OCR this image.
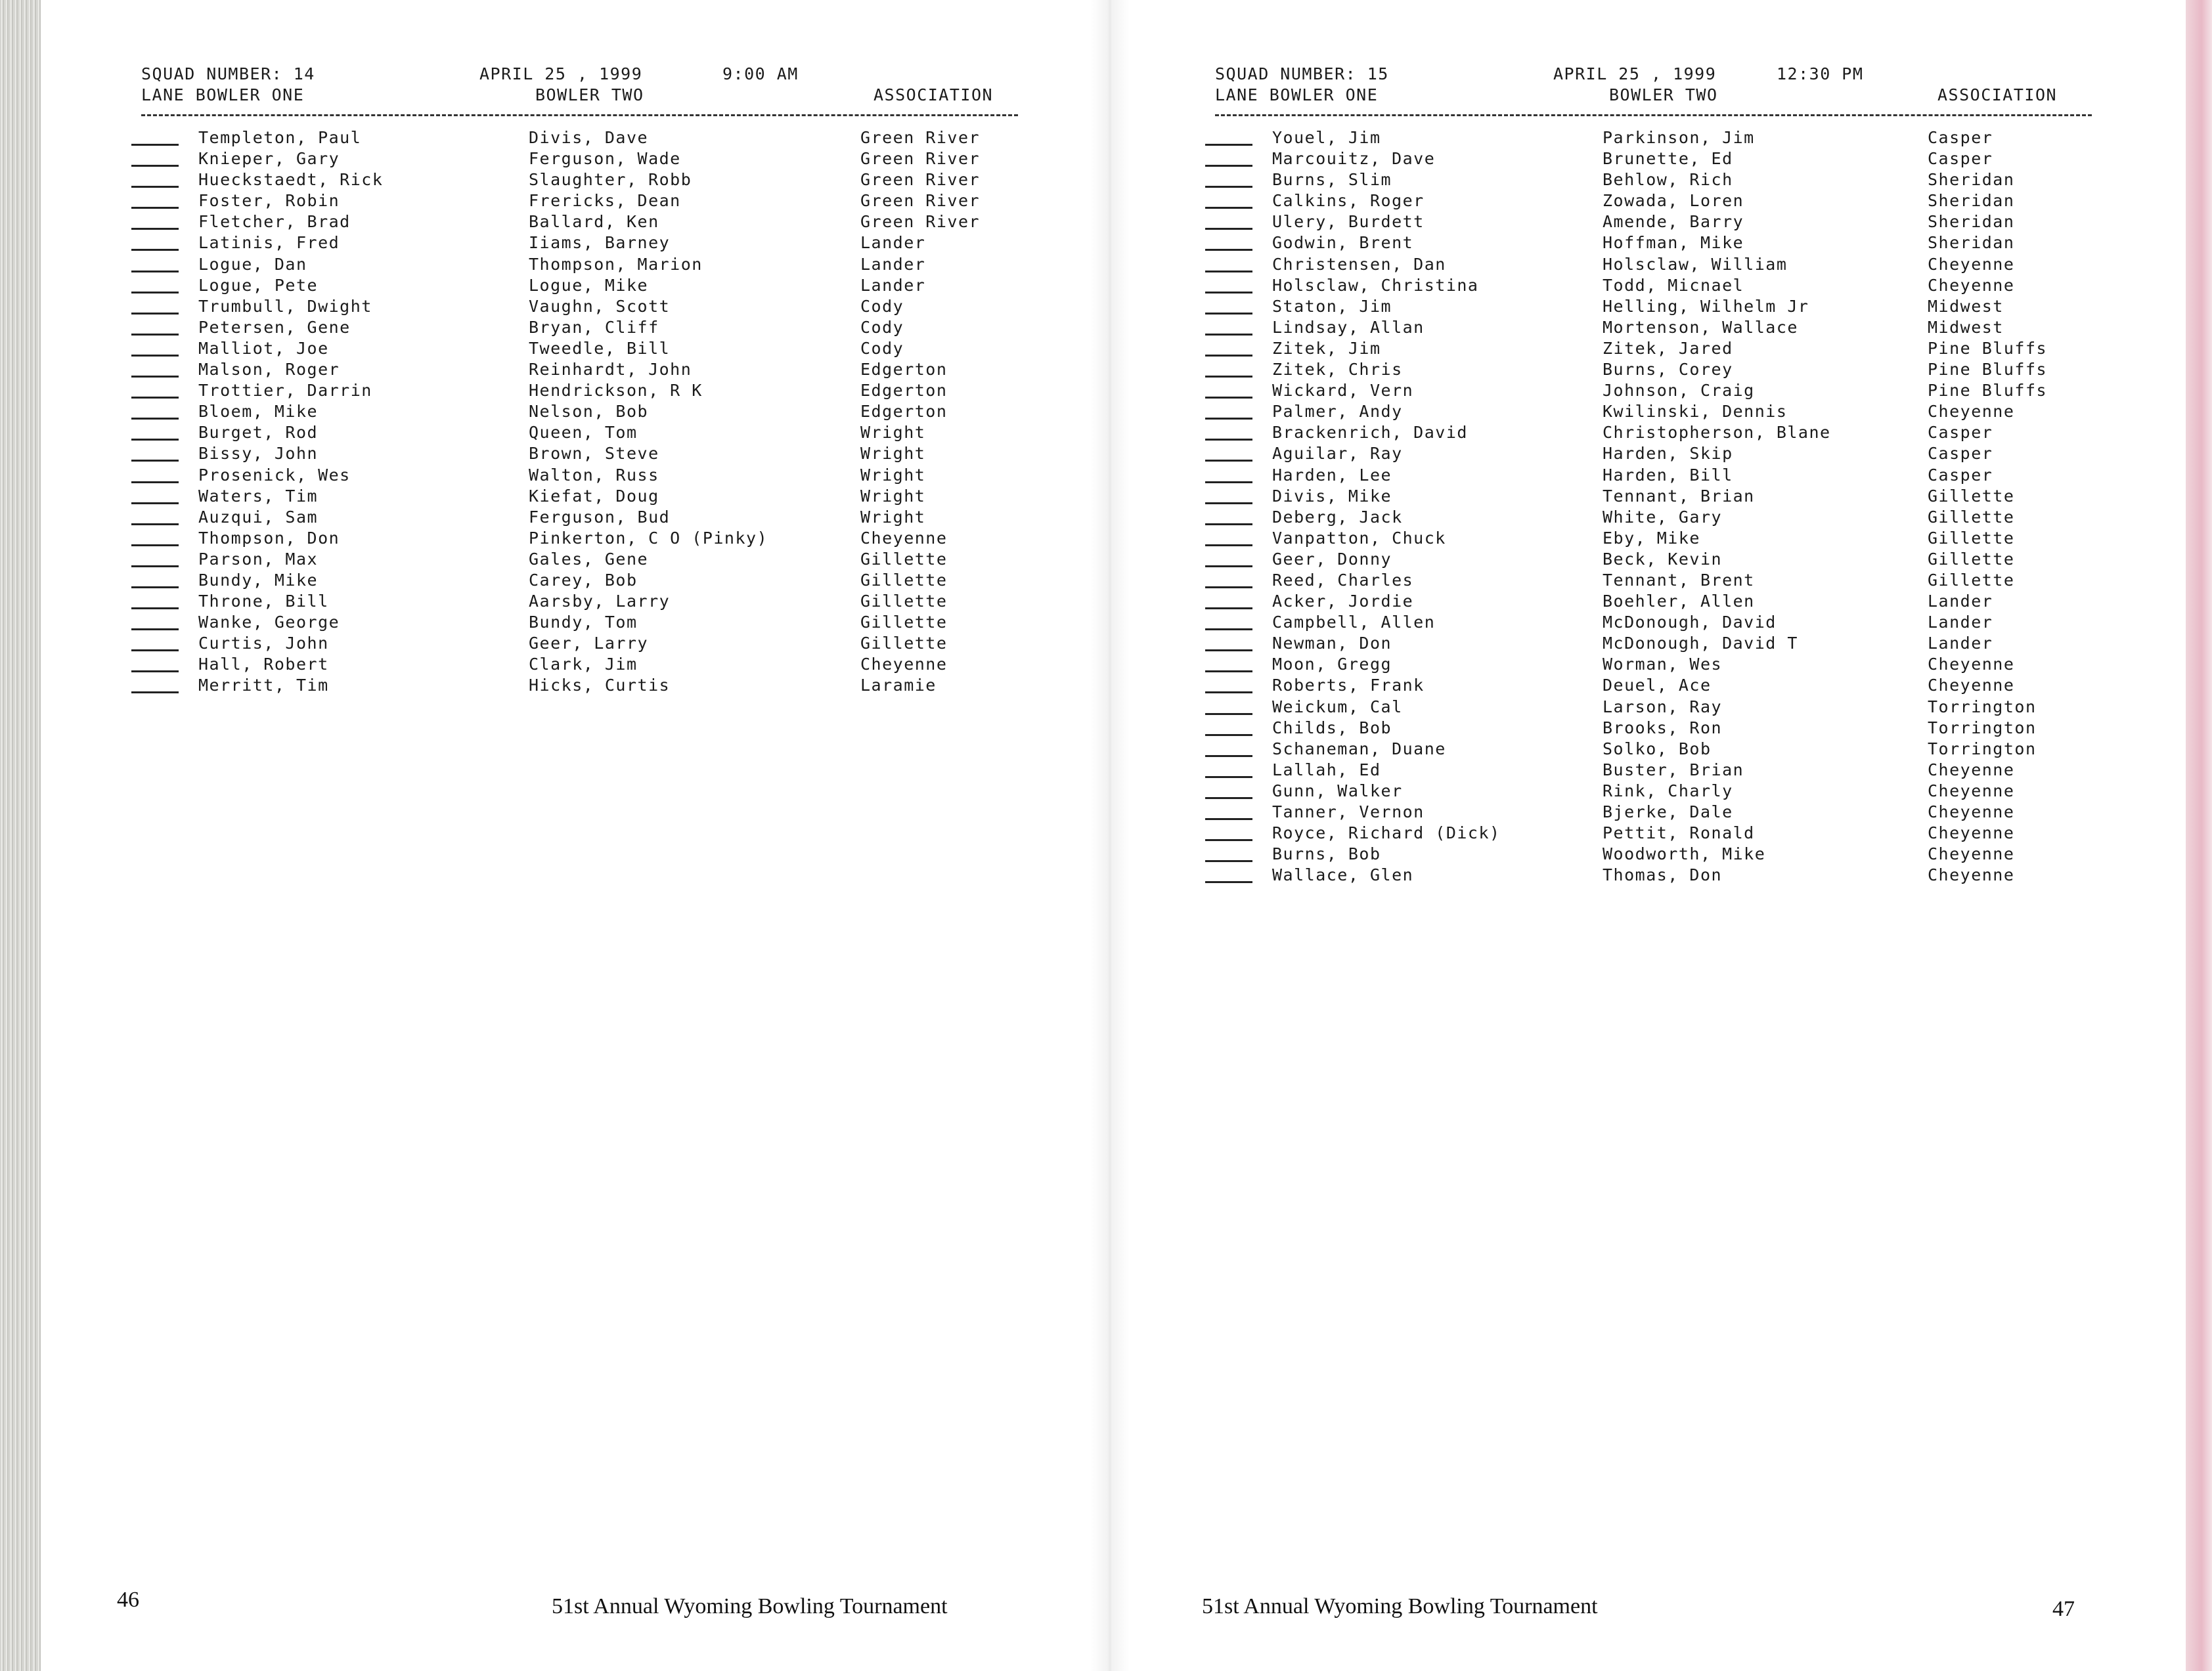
SQUAD NUMBER: 14	APRIL 25 , 1999	9:00 AM
LANE BOWLER ONE	BOWLER TWO	ASSOCIATION
Templeton, Paul	Divis, Dave	Green River
Knieper, Gary	Ferguson, Wade	Green River
Hueckstaedt, Rick	Slaughter, Robb	Green River
Foster, Robin	Frericks, Dean	Green River
Fletcher, Brad	Ballard, Ken	Green River
Latinis, Fred	Iiams, Barney	Lander
Logue, Dan	Thompson, Marion	Lander
Logue, Pete	Logue, Mike	Lander
Trumbull, Dwight	Vaughn, Scott	Cody
Petersen, Gene	Bryan, Cliff	Cody
Malliot, Joe	Tweedle, Bill	Cody
Malson, Roger	Reinhardt, John	Edgerton
Trottier, Darrin	Hendrickson, R K	Edgerton
Bloem, Mike	Nelson, Bob	Edgerton
Burget, Rod	Queen, Tom	Wright
Bissy, John	Brown, Steve	Wright
Prosenick, Wes	Walton, Russ	Wright
Waters, Tim	Kiefat, Doug	Wright
Auzqui, Sam	Ferguson, Bud	Wright
Thompson, Don	Pinkerton, C O (Pinky)	Cheyenne
Parson, Max	Gales, Gene	Gillette
Bundy, Mike	Carey, Bob	Gillette
Throne, Bill	Aarsby, Larry	Gillette
Wanke, George	Bundy, Tom	Gillette
Curtis, John	Geer, Larry	Gillette
Hall, Robert	Clark, Jim	Cheyenne
Merritt, Tim	Hicks, Curtis	Laramie
46	51st Annual Wyoming Bowling Tournament
SQUAD NUMBER: 15	APRIL 25 , 1999	12:30 PM
LANE BOWLER ONE	BOWLER TWO	ASSOCIATION
Youel, Jim	Parkinson, Jim	Casper
Marcouitz, Dave	Brunette, Ed	Casper
Burns, Slim	Behlow, Rich	Sheridan
Calkins, Roger	Zowada, Loren	Sheridan
Ulery, Burdett	Amende, Barry	Sheridan
Godwin, Brent	Hoffman, Mike	Sheridan
Christensen, Dan	Holsclaw, William	Cheyenne
Holsclaw, Christina	Todd, Micnael	Cheyenne
Staton, Jim	Helling, Wilhelm Jr	Midwest
Lindsay, Allan	Mortenson, Wallace	Midwest
Zitek, Jim	Zitek, Jared	Pine Bluffs
Zitek, Chris	Burns, Corey	Pine Bluffs
Wickard, Vern	Johnson, Craig	Pine Bluffs
Palmer, Andy	Kwilinski, Dennis	Cheyenne
Brackenrich, David	Christopherson, Blane	Casper
Aguilar, Ray	Harden, Skip	Casper
Harden, Lee	Harden, Bill	Casper
Divis, Mike	Tennant, Brian	Gillette
Deberg, Jack	White, Gary	Gillette
Vanpatton, Chuck	Eby, Mike	Gillette
Geer, Donny	Beck, Kevin	Gillette
Reed, Charles	Tennant, Brent	Gillette
Acker, Jordie	Boehler, Allen	Lander
Campbell, Allen	McDonough, David	Lander
Newman, Don	McDonough, David T	Lander
Moon, Gregg	Worman, Wes	Cheyenne
Roberts, Frank	Deuel, Ace	Cheyenne
Weickum, Cal	Larson, Ray	Torrington
Childs, Bob	Brooks, Ron	Torrington
Schaneman, Duane	Solko, Bob	Torrington
Lallah, Ed	Buster, Brian	Cheyenne
Gunn, Walker	Rink, Charly	Cheyenne
Tanner, Vernon	Bjerke, Dale	Cheyenne
Royce, Richard (Dick)	Pettit, Ronald	Cheyenne
Burns, Bob	Woodworth, Mike	Cheyenne
Wallace, Glen	Thomas, Don	Cheyenne
51st Annual Wyoming Bowling Tournament	47
